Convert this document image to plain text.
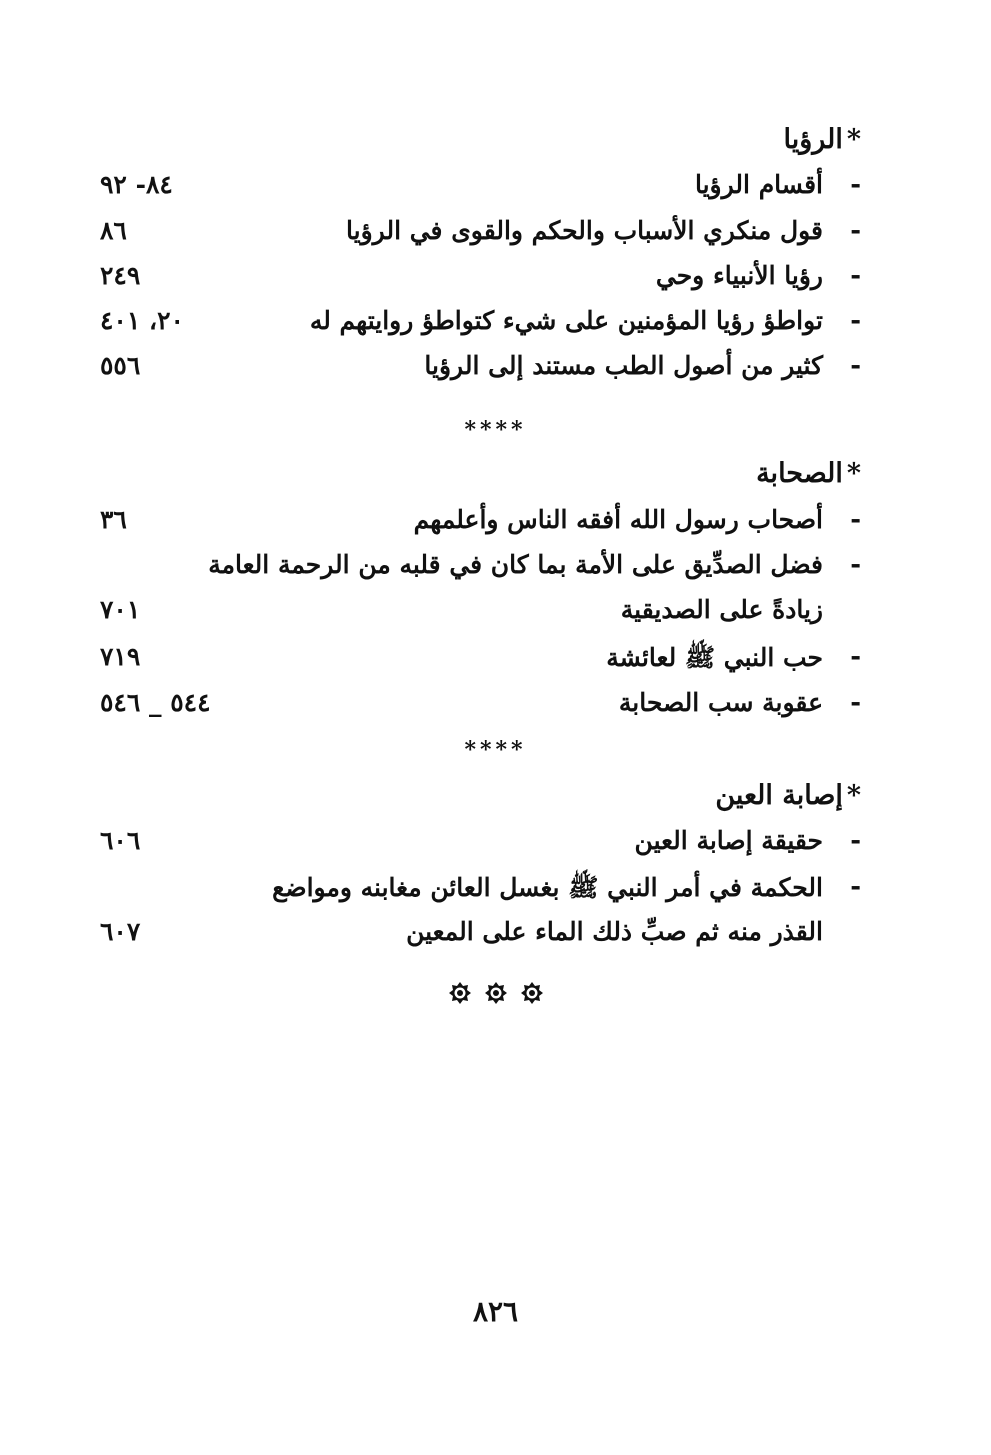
*الرؤيا
-
أقسام الرؤيا
٨٤- ٩٢
-
قول منكري الأسباب والحكم والقوى في الرؤيا
٨٦
-
رؤيا الأنبياء وحي
٢٤٩
-
تواطؤ رؤيا المؤمنين على شيء كتواطؤ روايتهم له
٢٠، ٤٠١
-
كثير من أصول الطب مستند إلى الرؤيا
٥٥٦
****
*الصحابة
-
أصحاب رسول الله أفقه الناس وأعلمهم
٣٦
-
فضل الصدِّيق على الأمة بما كان في قلبه من الرحمة العامة
زيادةً على الصديقية
٧٠١
-
حب النبي ﷺ لعائشة
٧١٩
-
عقوبة سب الصحابة
٥٤٤ _ ٥٤٦
****
*إصابة العين
-
حقيقة إصابة العين
٦٠٦
-
الحكمة في أمر النبي ﷺ بغسل العائن مغابنه ومواضع
القذر منه ثم صبِّ ذلك الماء على المعين
٦٠٧
٨٢٦
